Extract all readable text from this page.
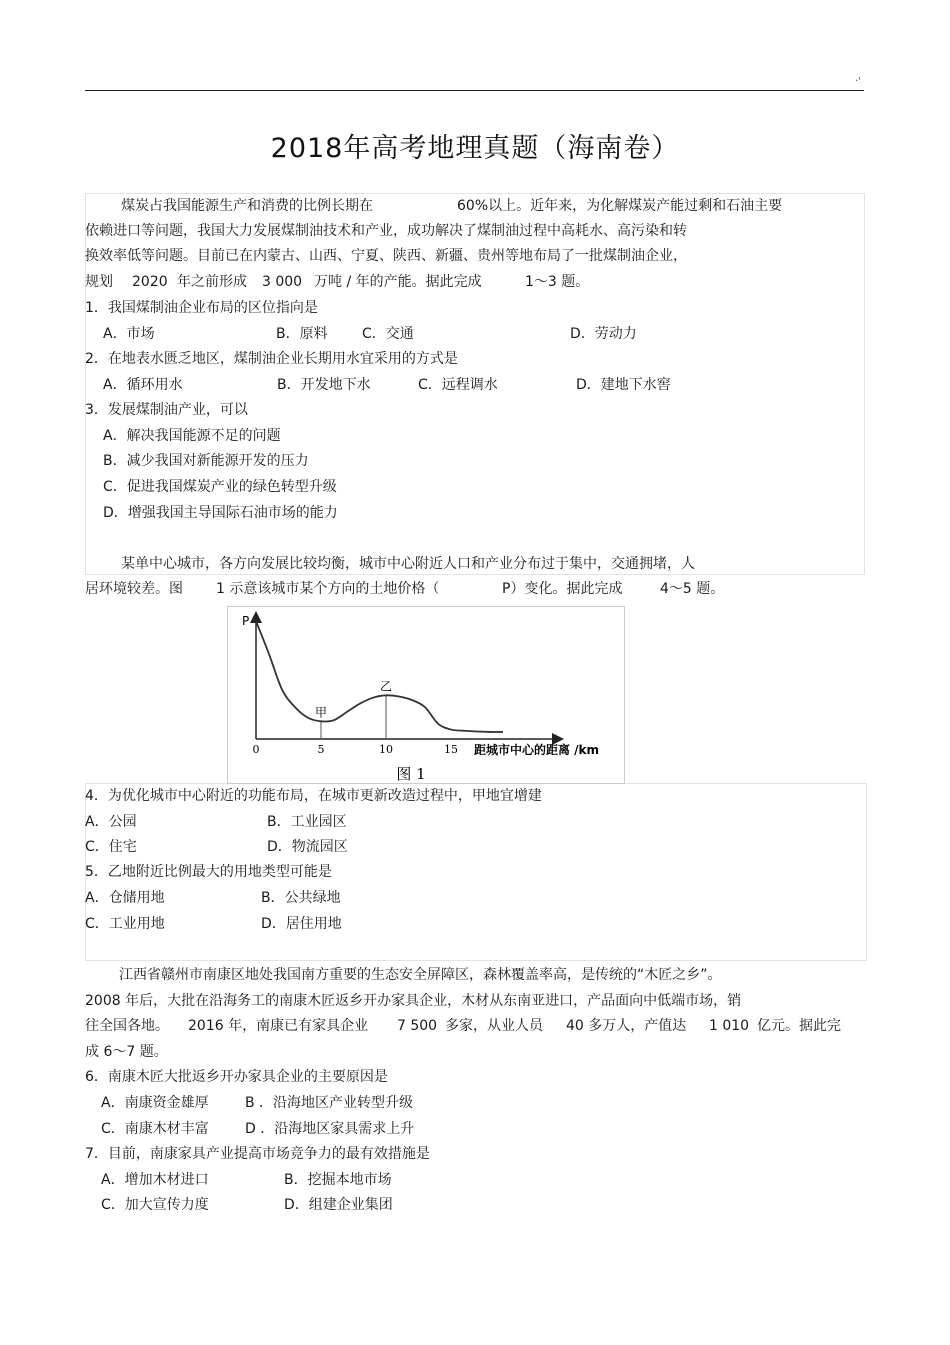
·'
2018年高考地理真题（海南卷）
煤炭占我国能源生产和消费的比例长期在	60%以上。近年来，为化解煤炭产能过剩和石油主要
依赖进口等问题，我国大力发展煤制油技术和产业，成功解决了煤制油过程中高耗水、高污染和转
换效率低等问题。目前已在内蒙古、山西、宁夏、陕西、新疆、贵州等地布局了一批煤制油企业，
规划 2020 年之前形成 3 000 万吨 / 年的产能。据此完成	1～3 题。
1．我国煤制油企业布局的区位指向是
A．市场	B．原料 C．交通	D．劳动力
2．在地表水匮乏地区，煤制油企业长期用水宜采用的方式是
A．循环用水	B．开发地下水	C．远程调水	D．建地下水窖
3．发展煤制油产业，可以
A．解决我国能源不足的问题
B．减少我国对新能源开发的压力
C．促进我国煤炭产业的绿色转型升级
D．增强我国主导国际石油市场的能力
某单中心城市，各方向发展比较均衡，城市中心附近人口和产业分布过于集中，交通拥堵，人
居环境较差。图 1 示意该城市某个方向的土地价格（	P）变化。据此完成	4～5 题。
P
距城市中心的距离 /km
图 1
0	5	10	15
甲
乙
4．为优化城市中心附近的功能布局，在城市更新改造过程中，甲地宜增建
A．公园	B．工业园区
C．住宅	D．物流园区
5．乙地附近比例最大的用地类型可能是
A．仓储用地	B．公共绿地
C．工业用地	D．居住用地
江西省赣州市南康区地处我国南方重要的生态安全屏障区，森林覆盖率高，是传统的“木匠之乡”。
2008 年后，大批在沿海务工的南康木匠返乡开办家具企业，木材从东南亚进口，产品面向中低端市场，销
往全国各地。 2016 年，南康已有家具企业 7 500 多家，从业人员 40 多万人，产值达 1 010 亿元。据此完
成 6～7 题。
6．南康木匠大批返乡开办家具企业的主要原因是
A．南康资金雄厚	B ．沿海地区产业转型升级
C．南康木材丰富	D ．沿海地区家具需求上升
7．目前，南康家具产业提高市场竞争力的最有效措施是
A．增加木材进口	B．挖掘本地市场
C．加大宣传力度	D．组建企业集团
